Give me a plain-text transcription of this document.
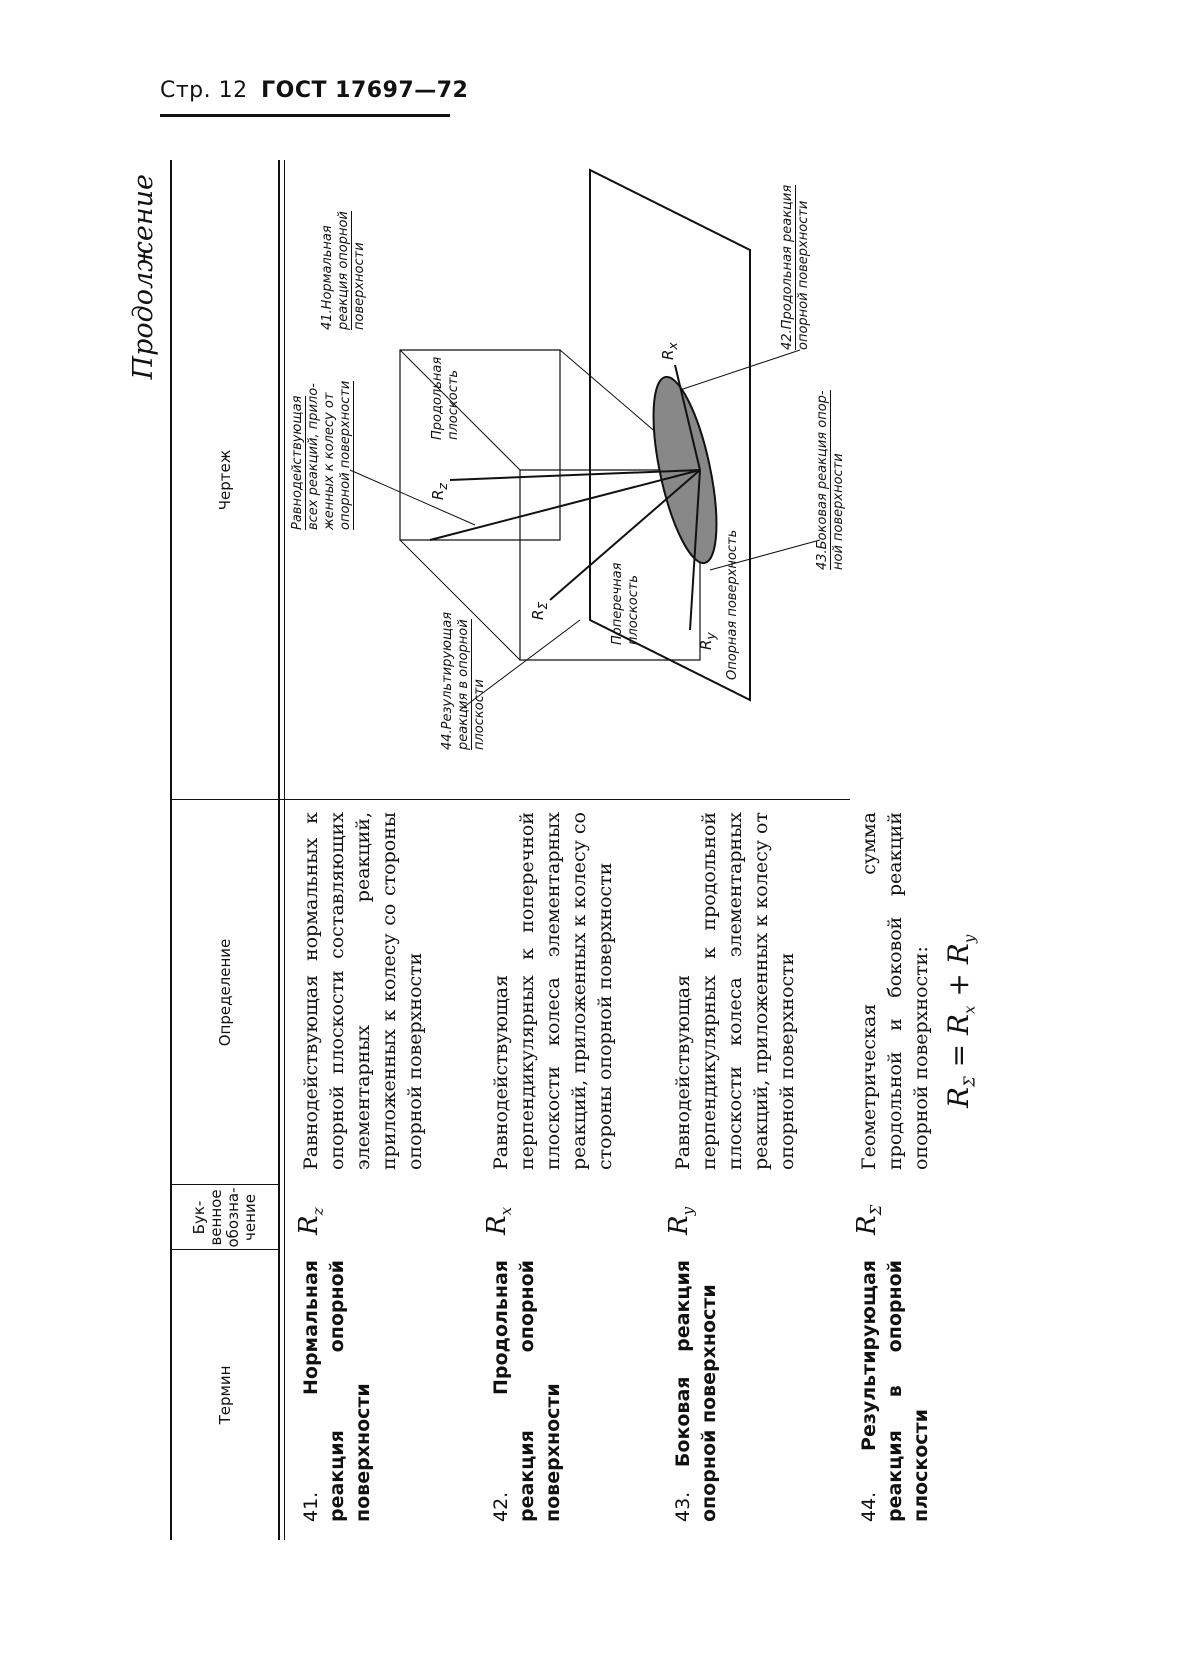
Стр. 12 ГОСТ 17697—72
Продолжение
Термин
Бук-венное обозна-чение
Определение
Чертеж
41. Нормальная реакция опорной поверхности
$R_z$
Равнодействующая нормальных к опорной плоскости составляющих элементарных реакций, приложенных к колесу со стороны опорной поверхности
42. Продольная реакция опорной поверхности
$R_x$
Равнодействующая перпендикулярных к поперечной плоскости колеса элементарных реакций, приложенных к колесу со стороны опорной поверхности
43. Боковая реакция опорной поверхности
$R_y$
Равнодействующая перпендикулярных к продольной плоскости колеса элементарных реакций, приложенных к колесу от опорной поверхности
44. Результирующая реакция в опорной плоскости
$R_\Sigma$
Геометрическая сумма продольной и боковой реакций опорной поверхности: $R_\Sigma = R_x + R_y$
Равнодействующая
всех реакций, прило-
женных к колесу от
опорной поверхности
41.Нормальная
реакция опорной
поверхности	42.Продольная реакция
опорной поверхности
43.Боковая реакция опор-
ной поверхности
44.Результирующая
реакция в опорной
плоскости
Продольная
плоскость
Поперечная
плоскость	Опорная поверхность
$R_z$
$R_x$
$R_y$
$R_\Sigma$
